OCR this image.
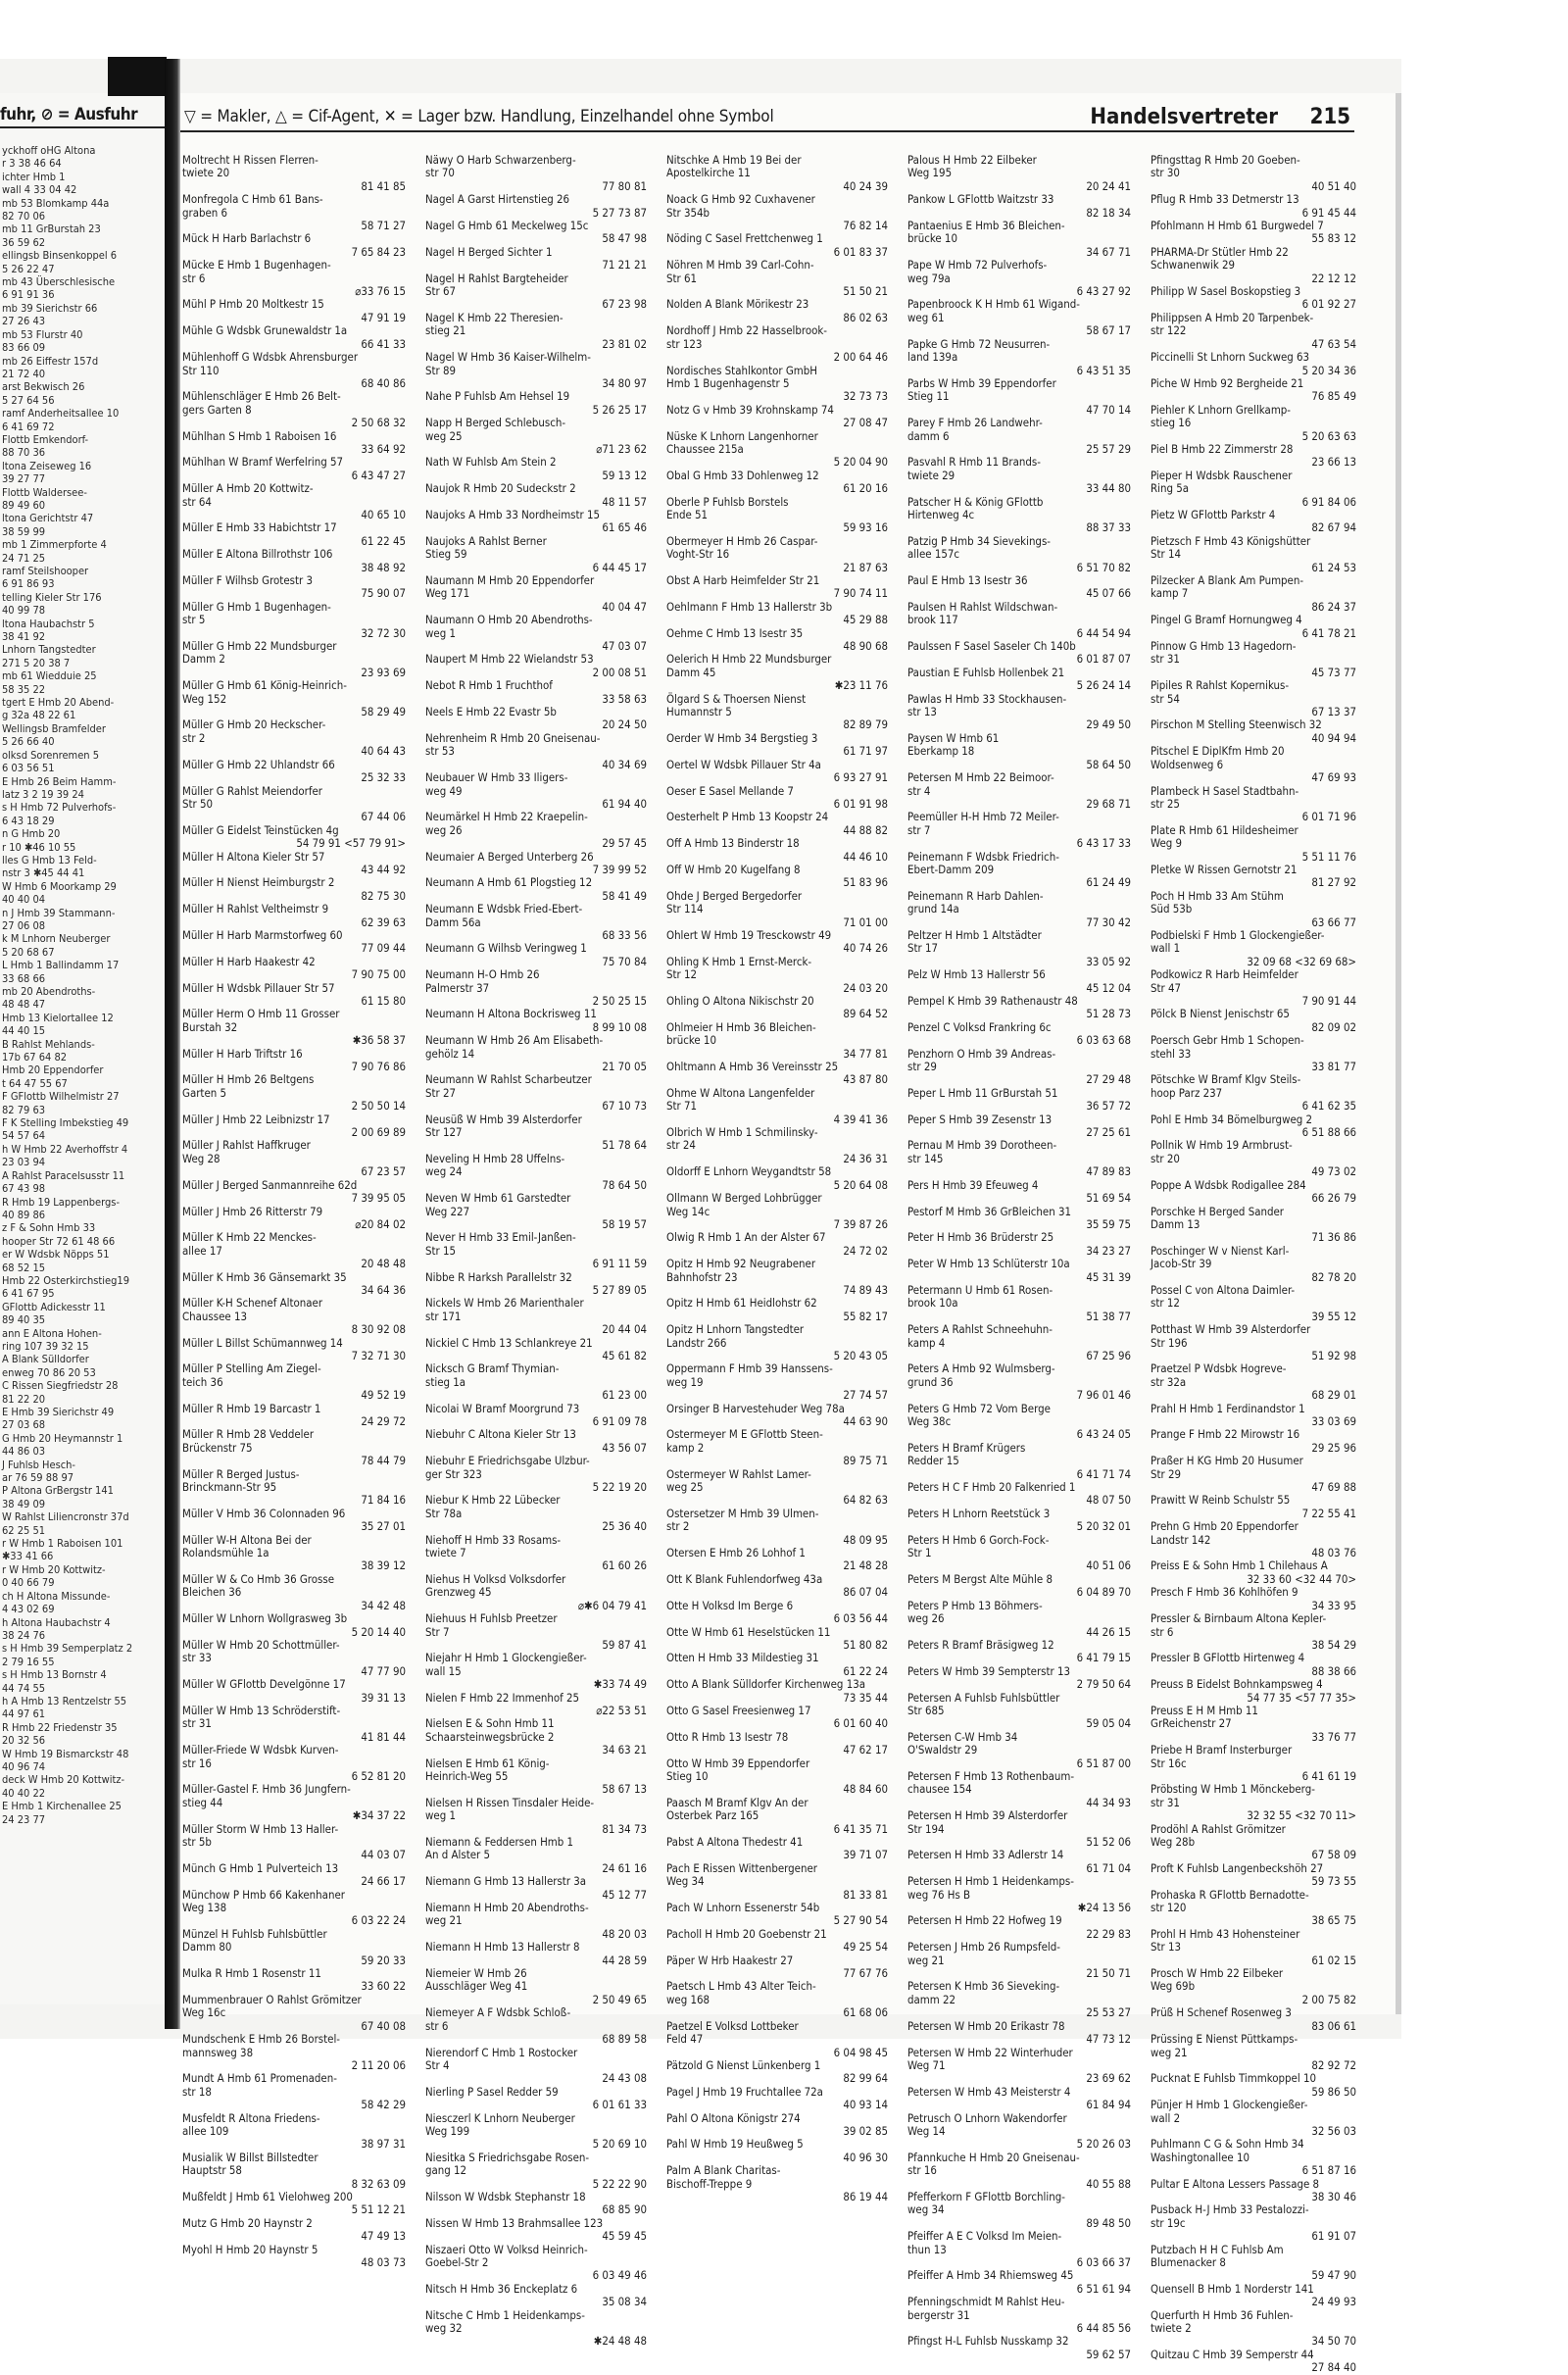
fuhr, ⊘ = Ausfuhr
yckhoff oHG Altona
r 3 38 46 64
ichter Hmb 1
wall 4 33 04 42
mb 53 Blomkamp 44a
82 70 06
mb 11 GrBurstah 23
36 59 62
ellingsb Binsenkoppel 6
5 26 22 47
mb 43 Überschlesische
6 91 91 36
mb 39 Sierichstr 66
27 26 43
mb 53 Flurstr 40
83 66 09
mb 26 Eiffestr 157d
21 72 40
arst Bekwisch 26
5 27 64 56
ramf Anderheitsallee 10
6 41 69 72
Flottb Emkendorf-
88 70 36
ltona Zeiseweg 16
39 27 77
Flottb Waldersee-
89 49 60
ltona Gerichtstr 47
38 59 99
mb 1 Zimmerpforte 4
24 71 25
ramf Steilshooper
6 91 86 93
telling Kieler Str 176
40 99 78
ltona Haubachstr 5
38 41 92
Lnhorn Tangstedter
271 5 20 38 7
mb 61 Wiedduie 25
58 35 22
tgert E Hmb 20 Abend-
g 32a 48 22 61
Wellingsb Bramfelder
5 26 66 40
olksd Sorenremen 5
6 03 56 51
E Hmb 26 Beim Hamm-
latz 3 2 19 39 24
s H Hmb 72 Pulverhofs-
6 43 18 29
n G Hmb 20
r 10 ✱46 10 55
lles G Hmb 13 Feld-
nstr 3 ✱45 44 41
W Hmb 6 Moorkamp 29
40 40 04
n J Hmb 39 Stammann-
27 06 08
k M Lnhorn Neuberger
5 20 68 67
L Hmb 1 Ballindamm 17
33 68 66
mb 20 Abendroths-
48 48 47
Hmb 13 Kielortallee 12
44 40 15
B Rahlst Mehlands-
17b 67 64 82
Hmb 20 Eppendorfer
t 64 47 55 67
F GFlottb Wilhelmistr 27
82 79 63
F K Stelling Imbekstieg 49
54 57 64
h W Hmb 22 Averhoffstr 4
23 03 94
A Rahlst Paracelsusstr 11
67 43 98
R Hmb 19 Lappenbergs-
40 89 86
z F & Sohn Hmb 33
hooper Str 72 61 48 66
er W Wdsbk Nöpps 51
68 52 15
Hmb 22 Osterkirchstieg19
6 41 67 95
GFlottb Adickesstr 11
89 40 35
ann E Altona Hohen-
ring 107 39 32 15
A Blank Sülldorfer
enweg 70 86 20 53
C Rissen Siegfriedstr 28
81 22 20
E Hmb 39 Sierichstr 49
27 03 68
G Hmb 20 Heymannstr 1
44 86 03
J Fuhlsb Hesch-
ar 76 59 88 97
P Altona GrBergstr 141
38 49 09
W Rahlst Liliencronstr 37d
62 25 51
r W Hmb 1 Raboisen 101
✱33 41 66
r W Hmb 20 Kottwitz-
0 40 66 79
ch H Altona Missunde-
4 43 02 69
h Altona Haubachstr 4
38 24 76
s H Hmb 39 Semperplatz 2
2 79 16 55
s H Hmb 13 Bornstr 4
44 74 55
h A Hmb 13 Rentzelstr 55
44 97 61
R Hmb 22 Friedenstr 35
20 32 56
W Hmb 19 Bismarckstr 48
40 96 74
deck W Hmb 20 Kottwitz-
40 40 22
E Hmb 1 Kirchenallee 25
24 23 77
▽ = Makler, △ = Cif-Agent, ✕ = Lager bzw. Handlung, Einzelhandel ohne Symbol	Handelsvertreter 215
Moltrecht H Rissen Flerren-
twiete 20
81 41 85
Monfregola C Hmb 61 Bans-
graben 6
58 71 27
Mück H Harb Barlachstr 6
7 65 84 23
Mücke E Hmb 1 Bugenhagen-
str 6
⌀33 76 15
Mühl P Hmb 20 Moltkestr 15
47 91 19
Mühle G Wdsbk Grunewaldstr 1a
66 41 33
Mühlenhoff G Wdsbk Ahrensburger
Str 110
68 40 86
Mühlenschläger E Hmb 26 Belt-
gers Garten 8
2 50 68 32
Mühlhan S Hmb 1 Raboisen 16
33 64 92
Mühlhan W Bramf Werfelring 57
6 43 47 27
Müller A Hmb 20 Kottwitz-
str 64
40 65 10
Müller E Hmb 33 Habichtstr 17
61 22 45
Müller E Altona Billrothstr 106
38 48 92
Müller F Wilhsb Grotestr 3
75 90 07
Müller G Hmb 1 Bugenhagen-
str 5
32 72 30
Müller G Hmb 22 Mundsburger
Damm 2
23 93 69
Müller G Hmb 61 König-Heinrich-
Weg 152
58 29 49
Müller G Hmb 20 Heckscher-
str 2
40 64 43
Müller G Hmb 22 Uhlandstr 66
25 32 33
Müller G Rahlst Meiendorfer
Str 50
67 44 06
Müller G Eidelst Teinstücken 4g
54 79 91 <57 79 91>
Müller H Altona Kieler Str 57
43 44 92
Müller H Nienst Heimburgstr 2
82 75 30
Müller H Rahlst Veltheimstr 9
62 39 63
Müller H Harb Marmstorfweg 60
77 09 44
Müller H Harb Haakestr 42
7 90 75 00
Müller H Wdsbk Pillauer Str 57
61 15 80
Müller Herm O Hmb 11 Grosser
Burstah 32
✱36 58 37
Müller H Harb Triftstr 16
7 90 76 86
Müller H Hmb 26 Beltgens
Garten 5
2 50 50 14
Müller J Hmb 22 Leibnizstr 17
2 00 69 89
Müller J Rahlst Haffkruger
Weg 28
67 23 57
Müller J Berged Sanmannreihe 62d
7 39 95 05
Müller J Hmb 26 Ritterstr 79
⌀20 84 02
Müller K Hmb 22 Menckes-
allee 17
20 48 48
Müller K Hmb 36 Gänsemarkt 35
34 64 36
Müller K-H Schenef Altonaer
Chaussee 13
8 30 92 08
Müller L Billst Schümannweg 14
7 32 71 30
Müller P Stelling Am Ziegel-
teich 36
49 52 19
Müller R Hmb 19 Barcastr 1
24 29 72
Müller R Hmb 28 Veddeler
Brückenstr 75
78 44 79
Müller R Berged Justus-
Brinckmann-Str 95
71 84 16
Müller V Hmb 36 Colonnaden 96
35 27 01
Müller W-H Altona Bei der
Rolandsmühle 1a
38 39 12
Müller W & Co Hmb 36 Grosse
Bleichen 36
34 42 48
Müller W Lnhorn Wollgrasweg 3b
5 20 14 40
Müller W Hmb 20 Schottmüller-
str 33
47 77 90
Müller W GFlottb Develgönne 17
39 31 13
Müller W Hmb 13 Schröderstift-
str 31
41 81 44
Müller-Friede W Wdsbk Kurven-
str 16
6 52 81 20
Müller-Gastel F. Hmb 36 Jungfern-
stieg 44
✱34 37 22
Müller Storm W Hmb 13 Haller-
str 5b
44 03 07
Münch G Hmb 1 Pulverteich 13
24 66 17
Münchow P Hmb 66 Kakenhaner
Weg 138
6 03 22 24
Münzel H Fuhlsb Fuhlsbüttler
Damm 80
59 20 33
Mulka R Hmb 1 Rosenstr 11
33 60 22
Mummenbrauer O Rahlst Grömitzer
Weg 16c
67 40 08
Mundschenk E Hmb 26 Borstel-
mannsweg 38
2 11 20 06
Mundt A Hmb 61 Promenaden-
str 18
58 42 29
Musfeldt R Altona Friedens-
allee 109
38 97 31
Musialik W Billst Billstedter
Hauptstr 58
8 32 63 09
Mußfeldt J Hmb 61 Vielohweg 200
5 51 12 21
Mutz G Hmb 20 Haynstr 2
47 49 13
Myohl H Hmb 20 Haynstr 5
48 03 73
Näwy O Harb Schwarzenberg-
str 70
77 80 81
Nagel A Garst Hirtenstieg 26
5 27 73 87
Nagel G Hmb 61 Meckelweg 15c
58 47 98
Nagel H Berged Sichter 1
71 21 21
Nagel H Rahlst Bargteheider
Str 67
67 23 98
Nagel K Hmb 22 Theresien-
stieg 21
23 81 02
Nagel W Hmb 36 Kaiser-Wilhelm-
Str 89
34 80 97
Nahe P Fuhlsb Am Hehsel 19
5 26 25 17
Napp H Berged Schlebusch-
weg 25
⌀71 23 62
Nath W Fuhlsb Am Stein 2
59 13 12
Naujok R Hmb 20 Sudeckstr 2
48 11 57
Naujoks A Hmb 33 Nordheimstr 15
61 65 46
Naujoks A Rahlst Berner
Stieg 59
6 44 45 17
Naumann M Hmb 20 Eppendorfer
Weg 171
40 04 47
Naumann O Hmb 20 Abendroths-
weg 1
47 03 07
Naupert M Hmb 22 Wielandstr 53
2 00 08 51
Nebot R Hmb 1 Fruchthof
33 58 63
Neels E Hmb 22 Evastr 5b
20 24 50
Nehrenheim R Hmb 20 Gneisenau-
str 53
40 34 69
Neubauer W Hmb 33 Iligers-
weg 49
61 94 40
Neumärkel H Hmb 22 Kraepelin-
weg 26
29 57 45
Neumaier A Berged Unterberg 26
7 39 99 52
Neumann A Hmb 61 Plogstieg 12
58 41 49
Neumann E Wdsbk Fried-Ebert-
Damm 56a
68 33 56
Neumann G Wilhsb Veringweg 1
75 70 84
Neumann H-O Hmb 26
Palmerstr 37
2 50 25 15
Neumann H Altona Bockrisweg 11
8 99 10 08
Neumann W Hmb 26 Am Elisabeth-
gehölz 14
21 70 05
Neumann W Rahlst Scharbeutzer
Str 27
67 10 73
Neusüß W Hmb 39 Alsterdorfer
Str 127
51 78 64
Neveling H Hmb 28 Uffelns-
weg 24
78 64 50
Neven W Hmb 61 Garstedter
Weg 227
58 19 57
Never H Hmb 33 Emil-Janßen-
Str 15
6 91 11 59
Nibbe R Harksh Parallelstr 32
5 27 89 05
Nickels W Hmb 26 Marienthaler
str 171
20 44 04
Nickiel C Hmb 13 Schlankreye 21
45 61 82
Nicksch G Bramf Thymian-
stieg 1a
61 23 00
Nicolai W Bramf Moorgrund 73
6 91 09 78
Niebuhr C Altona Kieler Str 13
43 56 07
Niebuhr E Friedrichsgabe Ulzbur-
ger Str 323
5 22 19 20
Niebur K Hmb 22 Lübecker
Str 78a
25 36 40
Niehoff H Hmb 33 Rosams-
twiete 7
61 60 26
Niehus H Volksd Volksdorfer
Grenzweg 45
⌀✱6 04 79 41
Niehuus H Fuhlsb Preetzer
Str 7
59 87 41
Niejahr H Hmb 1 Glockengießer-
wall 15
✱33 74 49
Nielen F Hmb 22 Immenhof 25
⌀22 53 51
Nielsen E & Sohn Hmb 11
Schaarsteinwegsbrücke 2
34 63 21
Nielsen E Hmb 61 König-
Heinrich-Weg 55
58 67 13
Nielsen H Rissen Tinsdaler Heide-
weg 1
81 34 73
Niemann & Feddersen Hmb 1
An d Alster 5
24 61 16
Niemann G Hmb 13 Hallerstr 3a
45 12 77
Niemann H Hmb 20 Abendroths-
weg 21
48 20 03
Niemann H Hmb 13 Hallerstr 8
44 28 59
Niemeier W Hmb 26
Ausschläger Weg 41
2 50 49 65
Niemeyer A F Wdsbk Schloß-
str 6
68 89 58
Nierendorf C Hmb 1 Rostocker
Str 4
24 43 08
Nierling P Sasel Redder 59
6 01 61 33
Niesczerl K Lnhorn Neuberger
Weg 199
5 20 69 10
Niesitka S Friedrichsgabe Rosen-
gang 12
5 22 22 90
Nilsson W Wdsbk Stephanstr 18
68 85 90
Nissen W Hmb 13 Brahmsallee 123
45 59 45
Niszaeri Otto W Volksd Heinrich-
Goebel-Str 2
6 03 49 46
Nitsch H Hmb 36 Enckeplatz 6
35 08 34
Nitsche C Hmb 1 Heidenkamps-
weg 32
✱24 48 48
Nitschke A Hmb 19 Bei der
Apostelkirche 11
40 24 39
Noack G Hmb 92 Cuxhavener
Str 354b
76 82 14
Nöding C Sasel Frettchenweg 1
6 01 83 37
Nöhren M Hmb 39 Carl-Cohn-
Str 61
51 50 21
Nolden A Blank Mörikestr 23
86 02 63
Nordhoff J Hmb 22 Hasselbrook-
str 123
2 00 64 46
Nordisches Stahlkontor GmbH
Hmb 1 Bugenhagenstr 5
32 73 73
Notz G v Hmb 39 Krohnskamp 74
27 08 47
Nüske K Lnhorn Langenhorner
Chaussee 215a
5 20 04 90
Obal G Hmb 33 Dohlenweg 12
61 20 16
Oberle P Fuhlsb Borstels
Ende 51
59 93 16
Obermeyer H Hmb 26 Caspar-
Voght-Str 16
21 87 63
Obst A Harb Heimfelder Str 21
7 90 74 11
Oehlmann F Hmb 13 Hallerstr 3b
45 29 88
Oehme C Hmb 13 Isestr 35
48 90 68
Oelerich H Hmb 22 Mundsburger
Damm 45
✱23 11 76
Ölgard S & Thoersen Nienst
Humannstr 5
82 89 79
Oerder W Hmb 34 Bergstieg 3
61 71 97
Oertel W Wdsbk Pillauer Str 4a
6 93 27 91
Oeser E Sasel Mellande 7
6 01 91 98
Oesterhelt P Hmb 13 Koopstr 24
44 88 82
Off A Hmb 13 Binderstr 18
44 46 10
Off W Hmb 20 Kugelfang 8
51 83 96
Ohde J Berged Bergedorfer
Str 114
71 01 00
Ohlert W Hmb 19 Tresckowstr 49
40 74 26
Ohling K Hmb 1 Ernst-Merck-
Str 12
24 03 20
Ohling O Altona Nikischstr 20
89 64 52
Ohlmeier H Hmb 36 Bleichen-
brücke 10
34 77 81
Ohltmann A Hmb 36 Vereinsstr 25
43 87 80
Ohme W Altona Langenfelder
Str 71
4 39 41 36
Olbrich W Hmb 1 Schmilinsky-
str 24
24 36 31
Oldorff E Lnhorn Weygandtstr 58
5 20 64 08
Ollmann W Berged Lohbrügger
Weg 14c
7 39 87 26
Olwig R Hmb 1 An der Alster 67
24 72 02
Opitz H Hmb 92 Neugrabener
Bahnhofstr 23
74 89 43
Opitz H Hmb 61 Heidlohstr 62
55 82 17
Opitz H Lnhorn Tangstedter
Landstr 266
5 20 43 05
Oppermann F Hmb 39 Hanssens-
weg 19
27 74 57
Orsinger B Harvestehuder Weg 78a
44 63 90
Ostermeyer M E GFlottb Steen-
kamp 2
89 75 71
Ostermeyer W Rahlst Lamer-
weg 25
64 82 63
Ostersetzer M Hmb 39 Ulmen-
str 2
48 09 95
Otersen E Hmb 26 Lohhof 1
21 48 28
Ott K Blank Fuhlendorfweg 43a
86 07 04
Otte H Volksd Im Berge 6
6 03 56 44
Otte W Hmb 61 Heselstücken 11
51 80 82
Otten H Hmb 33 Mildestieg 31
61 22 24
Otto A Blank Sülldorfer Kirchenweg 13a
73 35 44
Otto G Sasel Freesienweg 17
6 01 60 40
Otto R Hmb 13 Isestr 78
47 62 17
Otto W Hmb 39 Eppendorfer
Stieg 10
48 84 60
Paasch M Bramf Klgv An der
Osterbek Parz 165
6 41 35 71
Pabst A Altona Thedestr 41
39 71 07
Pach E Rissen Wittenbergener
Weg 34
81 33 81
Pach W Lnhorn Essenerstr 54b
5 27 90 54
Pacholl H Hmb 20 Goebenstr 21
49 25 54
Päper W Hrb Haakestr 27
77 67 76
Paetsch L Hmb 43 Alter Teich-
weg 168
61 68 06
Paetzel E Volksd Lottbeker
Feld 47
6 04 98 45
Pätzold G Nienst Lünkenberg 1
82 99 64
Pagel J Hmb 19 Fruchtallee 72a
40 93 14
Pahl O Altona Königstr 274
39 02 85
Pahl W Hmb 19 Heußweg 5
40 96 30
Palm A Blank Charitas-
Bischoff-Treppe 9
86 19 44
Palous H Hmb 22 Eilbeker
Weg 195
20 24 41
Pankow L GFlottb Waitzstr 33
82 18 34
Pantaenius E Hmb 36 Bleichen-
brücke 10
34 67 71
Pape W Hmb 72 Pulverhofs-
weg 79a
6 43 27 92
Papenbroock K H Hmb 61 Wigand-
weg 61
58 67 17
Papke G Hmb 72 Neusurren-
land 139a
6 43 51 35
Parbs W Hmb 39 Eppendorfer
Stieg 11
47 70 14
Parey F Hmb 26 Landwehr-
damm 6
25 57 29
Pasvahl R Hmb 11 Brands-
twiete 29
33 44 80
Patscher H & König GFlottb
Hirtenweg 4c
88 37 33
Patzig P Hmb 34 Sievekings-
allee 157c
6 51 70 82
Paul E Hmb 13 Isestr 36
45 07 66
Paulsen H Rahlst Wildschwan-
brook 117
6 44 54 94
Paulssen F Sasel Saseler Ch 140b
6 01 87 07
Paustian E Fuhlsb Hollenbek 21
5 26 24 14
Pawlas H Hmb 33 Stockhausen-
str 13
29 49 50
Paysen W Hmb 61
Eberkamp 18
58 64 50
Petersen M Hmb 22 Beimoor-
str 4
29 68 71
Peemüller H-H Hmb 72 Meiler-
str 7
6 43 17 33
Peinemann F Wdsbk Friedrich-
Ebert-Damm 209
61 24 49
Peinemann R Harb Dahlen-
grund 14a
77 30 42
Peltzer H Hmb 1 Altstädter
Str 17
33 05 92
Pelz W Hmb 13 Hallerstr 56
45 12 04
Pempel K Hmb 39 Rathenaustr 48
51 28 73
Penzel C Volksd Frankring 6c
6 03 63 68
Penzhorn O Hmb 39 Andreas-
str 29
27 29 48
Peper L Hmb 11 GrBurstah 51
36 57 72
Peper S Hmb 39 Zesenstr 13
27 25 61
Pernau M Hmb 39 Dorotheen-
str 145
47 89 83
Pers H Hmb 39 Efeuweg 4
51 69 54
Pestorf M Hmb 36 GrBleichen 31
35 59 75
Peter H Hmb 36 Brüderstr 25
34 23 27
Peter W Hmb 13 Schlüterstr 10a
45 31 39
Petermann U Hmb 61 Rosen-
brook 10a
51 38 77
Peters A Rahlst Schneehuhn-
kamp 4
67 25 96
Peters A Hmb 92 Wulmsberg-
grund 36
7 96 01 46
Peters G Hmb 72 Vom Berge
Weg 38c
6 43 24 05
Peters H Bramf Krügers
Redder 15
6 41 71 74
Peters H C F Hmb 20 Falkenried 1
48 07 50
Peters H Lnhorn Reetstück 3
5 20 32 01
Peters H Hmb 6 Gorch-Fock-
Str 1
40 51 06
Peters M Bergst Alte Mühle 8
6 04 89 70
Peters P Hmb 13 Böhmers-
weg 26
44 26 15
Peters R Bramf Bräsigweg 12
6 41 79 15
Peters W Hmb 39 Sempterstr 13
2 79 50 64
Petersen A Fuhlsb Fuhlsbüttler
Str 685
59 05 04
Petersen C-W Hmb 34
O'Swaldstr 29
6 51 87 00
Petersen F Hmb 13 Rothenbaum-
chausee 154
44 34 93
Petersen H Hmb 39 Alsterdorfer
Str 194
51 52 06
Petersen H Hmb 33 Adlerstr 14
61 71 04
Petersen H Hmb 1 Heidenkamps-
weg 76 Hs B
✱24 13 56
Petersen H Hmb 22 Hofweg 19
22 29 83
Petersen J Hmb 26 Rumpsfeld-
weg 21
21 50 71
Petersen K Hmb 36 Sieveking-
damm 22
25 53 27
Petersen W Hmb 20 Erikastr 78
47 73 12
Petersen W Hmb 22 Winterhuder
Weg 71
23 69 62
Petersen W Hmb 43 Meisterstr 4
61 84 94
Petrusch O Lnhorn Wakendorfer
Weg 14
5 20 26 03
Pfannkuche H Hmb 20 Gneisenau-
str 16
40 55 88
Pfefferkorn F GFlottb Borchling-
weg 34
89 48 50
Pfeiffer A E C Volksd Im Meien-
thun 13
6 03 66 37
Pfeiffer A Hmb 34 Rhiemsweg 45
6 51 61 94
Pfenningschmidt M Rahlst Heu-
bergerstr 31
6 44 85 56
Pfingst H-L Fuhlsb Nusskamp 32
59 62 57
Pfingsttag R Hmb 20 Goeben-
str 30
40 51 40
Pflug R Hmb 33 Detmerstr 13
6 91 45 44
Pfohlmann H Hmb 61 Burgwedel 7
55 83 12
PHARMA-Dr Stütler Hmb 22
Schwanenwik 29
22 12 12
Philipp W Sasel Boskopstieg 3
6 01 92 27
Philippsen A Hmb 20 Tarpenbek-
str 122
47 63 54
Piccinelli St Lnhorn Suckweg 63
5 20 34 36
Piche W Hmb 92 Bergheide 21
76 85 49
Piehler K Lnhorn Grellkamp-
stieg 16
5 20 63 63
Piel B Hmb 22 Zimmerstr 28
23 66 13
Pieper H Wdsbk Rauschener
Ring 5a
6 91 84 06
Pietz W GFlottb Parkstr 4
82 67 94
Pietzsch F Hmb 43 Königshütter
Str 14
61 24 53
Pilzecker A Blank Am Pumpen-
kamp 7
86 24 37
Pingel G Bramf Hornungweg 4
6 41 78 21
Pinnow G Hmb 13 Hagedorn-
str 31
45 73 77
Pipiles R Rahlst Kopernikus-
str 54
67 13 37
Pirschon M Stelling Steenwisch 32
40 94 94
Pitschel E DiplKfm Hmb 20
Woldsenweg 6
47 69 93
Plambeck H Sasel Stadtbahn-
str 25
6 01 71 96
Plate R Hmb 61 Hildesheimer
Weg 9
5 51 11 76
Pletke W Rissen Gernotstr 21
81 27 92
Poch H Hmb 33 Am Stühm
Süd 53b
63 66 77
Podbielski F Hmb 1 Glockengießer-
wall 1
32 09 68 <32 69 68>
Podkowicz R Harb Heimfelder
Str 47
7 90 91 44
Pölck B Nienst Jenischstr 65
82 09 02
Poersch Gebr Hmb 1 Schopen-
stehl 33
33 81 77
Pötschke W Bramf Klgv Steils-
hoop Parz 237
6 41 62 35
Pohl E Hmb 34 Bömelburgweg 2
6 51 88 66
Pollnik W Hmb 19 Armbrust-
str 20
49 73 02
Poppe A Wdsbk Rodigallee 284
66 26 79
Porschke H Berged Sander
Damm 13
71 36 86
Poschinger W v Nienst Karl-
Jacob-Str 39
82 78 20
Possel C von Altona Daimler-
str 12
39 55 12
Potthast W Hmb 39 Alsterdorfer
Str 196
51 92 98
Praetzel P Wdsbk Hogreve-
str 32a
68 29 01
Prahl H Hmb 1 Ferdinandstor 1
33 03 69
Prange F Hmb 22 Mirowstr 16
29 25 96
Praßer H KG Hmb 20 Husumer
Str 29
47 69 88
Prawitt W Reinb Schulstr 55
7 22 55 41
Prehn G Hmb 20 Eppendorfer
Landstr 142
48 03 76
Preiss E & Sohn Hmb 1 Chilehaus A
32 33 60 <32 44 70>
Presch F Hmb 36 Kohlhöfen 9
34 33 95
Pressler & Birnbaum Altona Kepler-
str 6
38 54 29
Pressler B GFlottb Hirtenweg 4
88 38 66
Preuss B Eidelst Bohnkampsweg 4
54 77 35 <57 77 35>
Preuss E H M Hmb 11
GrReichenstr 27
33 76 77
Priebe H Bramf Insterburger
Str 16c
6 41 61 19
Pröbsting W Hmb 1 Mönckeberg-
str 31
32 32 55 <32 70 11>
Prodöhl A Rahlst Grömitzer
Weg 28b
67 58 09
Proft K Fuhlsb Langenbeckshöh 27
59 73 55
Prohaska R GFlottb Bernadotte-
str 120
38 65 75
Prohl H Hmb 43 Hohensteiner
Str 13
61 02 15
Prosch W Hmb 22 Eilbeker
Weg 69b
2 00 75 82
Prüß H Schenef Rosenweg 3
83 06 61
Prüssing E Nienst Püttkamps-
weg 21
82 92 72
Pucknat E Fuhlsb Timmkoppel 10
59 86 50
Pünjer H Hmb 1 Glockengießer-
wall 2
32 56 03
Puhlmann C G & Sohn Hmb 34
Washingtonallee 10
6 51 87 16
Pultar E Altona Lessers Passage 8
38 30 46
Pusback H-J Hmb 33 Pestalozzi-
str 19c
61 91 07
Putzbach H H C Fuhlsb Am
Blumenacker 8
59 47 90
Quensell B Hmb 1 Norderstr 141
24 49 93
Querfurth H Hmb 36 Fuhlen-
twiete 2
34 50 70
Quitzau C Hmb 39 Semperstr 44
27 84 40
